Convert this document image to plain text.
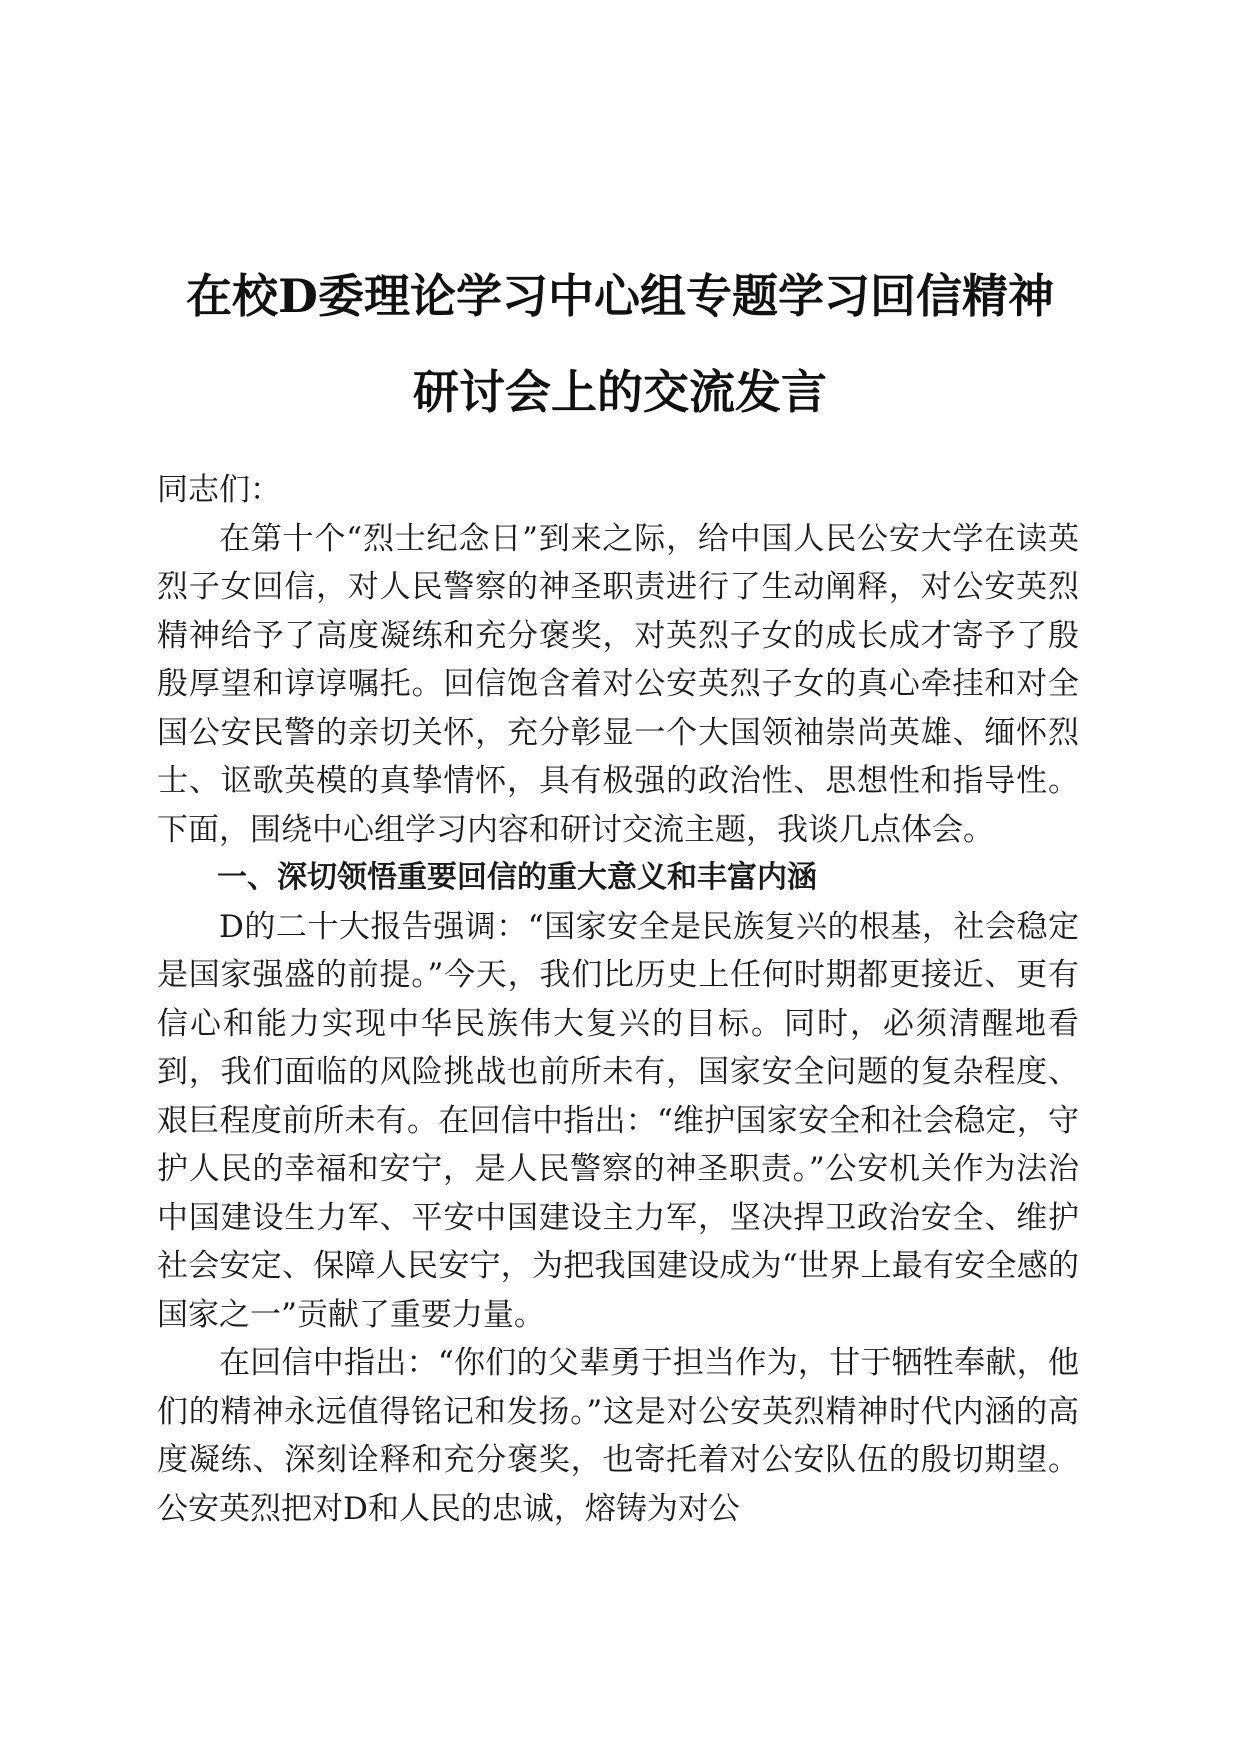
在校D委理论学习中心组专题学习回信精神
研讨会上的交流发言

同志们：

在第十个“烈士纪念日”到来之际，给中国人民公安大学在读英烈子女回信，对人民警察的神圣职责进行了生动阐释，对公安英烈精神给予了高度凝练和充分褒奖，对英烈子女的成长成才寄予了殷殷厚望和谆谆嘱托。回信饱含着对公安英烈子女的真心牵挂和对全国公安民警的亲切关怀，充分彰显一个大国领袖崇尚英雄、缅怀烈士、讴歌英模的真挚情怀，具有极强的政治性、思想性和指导性。下面，围绕中心组学习内容和研讨交流主题，我谈几点体会。

一、深切领悟重要回信的重大意义和丰富内涵

D的二十大报告强调：“国家安全是民族复兴的根基，社会稳定是国家强盛的前提。”今天，我们比历史上任何时期都更接近、更有信心和能力实现中华民族伟大复兴的目标。同时，必须清醒地看到，我们面临的风险挑战也前所未有，国家安全问题的复杂程度、艰巨程度前所未有。在回信中指出：“维护国家安全和社会稳定，守护人民的幸福和安宁，是人民警察的神圣职责。”公安机关作为法治中国建设生力军、平安中国建设主力军，坚决捍卫政治安全、维护社会安定、保障人民安宁，为把我国建设成为“世界上最有安全感的国家之一”贡献了重要力量。

在回信中指出：“你们的父辈勇于担当作为，甘于牺牲奉献，他们的精神永远值得铭记和发扬。”这是对公安英烈精神时代内涵的高度凝练、深刻诠释和充分褒奖，也寄托着对公安队伍的殷切期望。公安英烈把对D和人民的忠诚，熔铸为对公
